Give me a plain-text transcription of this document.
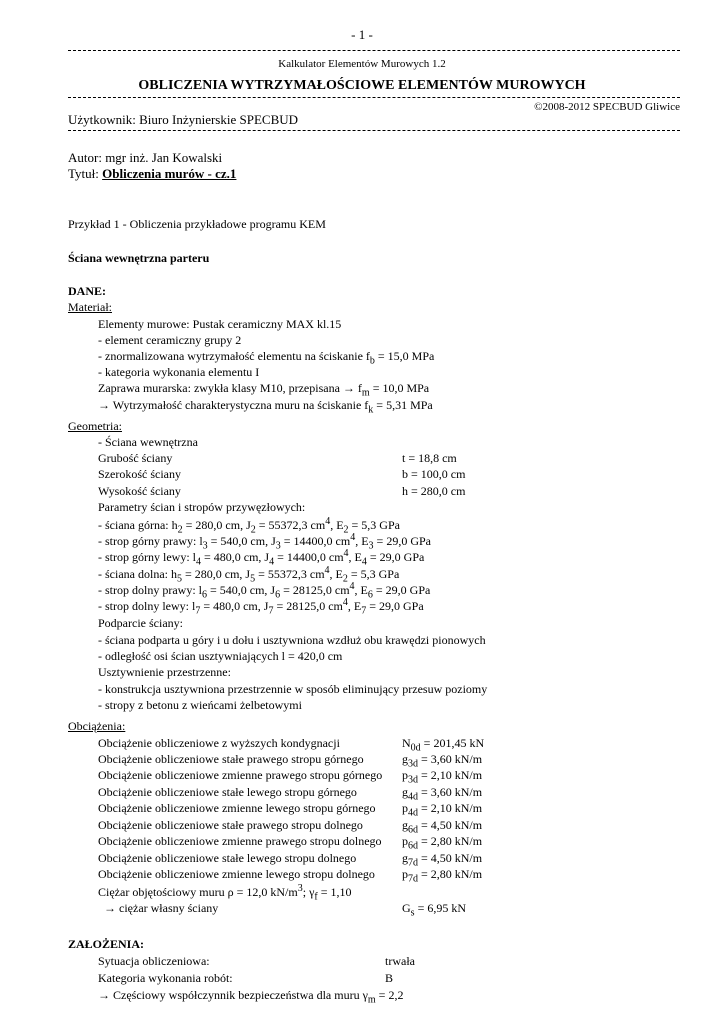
- 1 -
Kalkulator Elementów Murowych 1.2
OBLICZENIA WYTRZYMAŁOŚCIOWE ELEMENTÓW MUROWYCH
©2008-2012 SPECBUD Gliwice
Użytkownik: Biuro Inżynierskie SPECBUD
Autor: mgr inż. Jan Kowalski
Tytuł: Obliczenia murów - cz.1
Przykład 1 - Obliczenia przykładowe programu KEM
Ściana wewnętrzna parteru
DANE:
Materiał:
Elementy murowe: Pustak ceramiczny MAX kl.15
- element ceramiczny grupy 2
- znormalizowana wytrzymałość elementu na ściskanie $f_b = 15,0$ MPa
- kategoria wykonania elementu I
Zaprawa murarska: zwykła klasy M10, przepisana → $f_m = 10,0$ MPa
→ Wytrzymałość charakterystyczna muru na ściskanie $f_k = 5,31$ MPa
Geometria:
- Ściana wewnętrzna
Grubość ściany	t = 18,8 cm
Szerokość ściany	b = 100,0 cm
Wysokość ściany	h = 280,0 cm
Parametry ścian i stropów przywęzłowych:
- ściana górna: $h_2 = 280,0$ cm, $J_2 = 55372,3$ $cm^4$, $E_2 = 5,3$ GPa
- strop górny prawy: $l_3 = 540,0$ cm, $J_3 = 14400,0$ $cm^4$, $E_3 = 29,0$ GPa
- strop górny lewy: $l_4 = 480,0$ cm, $J_4 = 14400,0$ $cm^4$, $E_4 = 29,0$ GPa
- ściana dolna: $h_5 = 280,0$ cm, $J_5 = 55372,3$ $cm^4$, $E_2 = 5,3$ GPa
- strop dolny prawy: $l_6 = 540,0$ cm, $J_6 = 28125,0$ $cm^4$, $E_6 = 29,0$ GPa
- strop dolny lewy: $l_7 = 480,0$ cm, $J_7 = 28125,0$ $cm^4$, $E_7 = 29,0$ GPa
Podparcie ściany:
- ściana podparta u góry i u dołu i usztywniona wzdłuż obu krawędzi pionowych
- odległość osi ścian usztywniających l = 420,0 cm
Usztywnienie przestrzenne:
- konstrukcja usztywniona przestrzennie w sposób eliminujący przesuw poziomy
- stropy z betonu z wieńcami żelbetowymi
Obciążenia:
Obciążenie obliczeniowe z wyższych kondygnacji	$N_{0d} = 201,45$ kN
Obciążenie obliczeniowe stałe prawego stropu górnego	$g_{3d} = 3,60$ kN/m
Obciążenie obliczeniowe zmienne prawego stropu górnego $p_{3d} = 2,10$ kN/m
Obciążenie obliczeniowe stałe lewego stropu górnego	$g_{4d} = 3,60$ kN/m
Obciążenie obliczeniowe zmienne lewego stropu górnego $p_{4d} = 2,10$ kN/m
Obciążenie obliczeniowe stałe prawego stropu dolnego	$g_{6d} = 4,50$ kN/m
Obciążenie obliczeniowe zmienne prawego stropu dolnego $p_{6d} = 2,80$ kN/m
Obciążenie obliczeniowe stałe lewego stropu dolnego	$g_{7d} = 4,50$ kN/m
Obciążenie obliczeniowe zmienne lewego stropu dolnego $p_{7d} = 2,80$ kN/m
Ciężar objętościowy muru ρ = 12,0 $kN/m^3$; $\gamma_f = 1,10$
→ ciężar własny ściany	$G_s = 6,95$ kN
ZAŁOŻENIA:
Sytuacja obliczeniowa:	trwała
Kategoria wykonania robót:	B
→ Częściowy współczynnik bezpieczeństwa dla muru $\gamma_m = 2,2$
